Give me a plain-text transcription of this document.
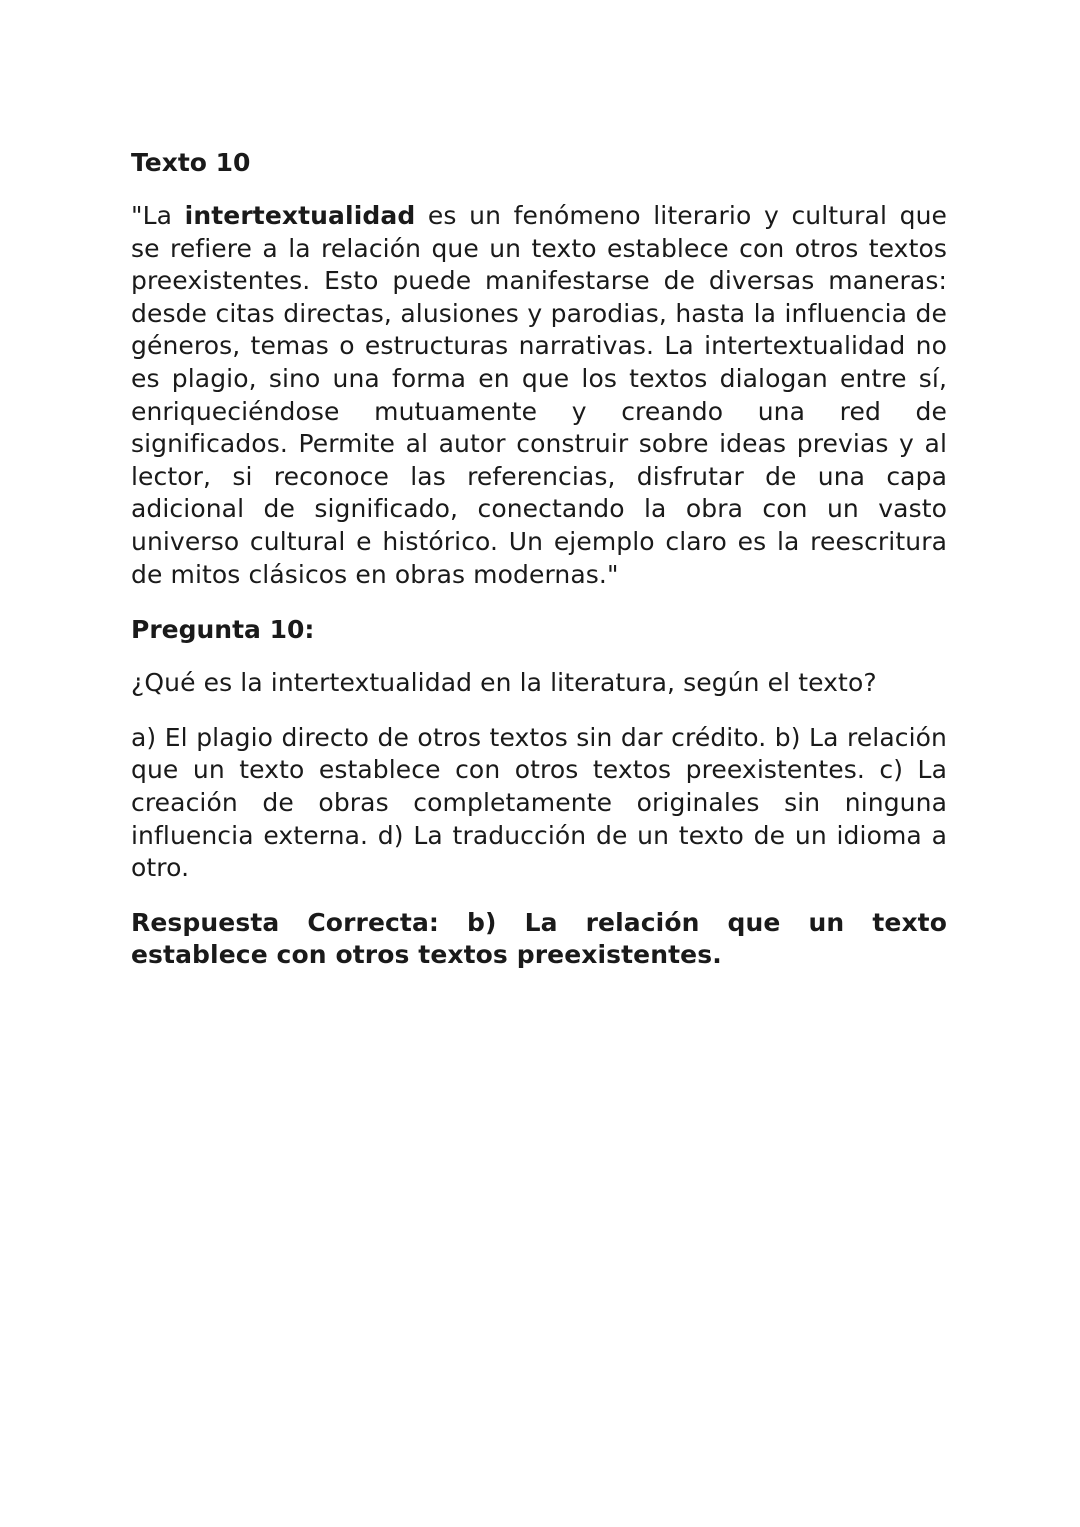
Texto 10

"La intertextualidad es un fenómeno literario y cultural que se refiere a la relación que un texto establece con otros textos preexistentes. Esto puede manifestarse de diversas maneras: desde citas directas, alusiones y parodias, hasta la influencia de géneros, temas o estructuras narrativas. La intertextualidad no es plagio, sino una forma en que los textos dialogan entre sí, enriqueciéndose mutuamente y creando una red de significados. Permite al autor construir sobre ideas previas y al lector, si reconoce las referencias, disfrutar de una capa adicional de significado, conectando la obra con un vasto universo cultural e histórico. Un ejemplo claro es la reescritura de mitos clásicos en obras modernas."

Pregunta 10:

¿Qué es la intertextualidad en la literatura, según el texto?

a) El plagio directo de otros textos sin dar crédito. b) La relación que un texto establece con otros textos preexistentes. c) La creación de obras completamente originales sin ninguna influencia externa. d) La traducción de un texto de un idioma a otro.

Respuesta Correcta: b) La relación que un texto establece con otros textos preexistentes.
